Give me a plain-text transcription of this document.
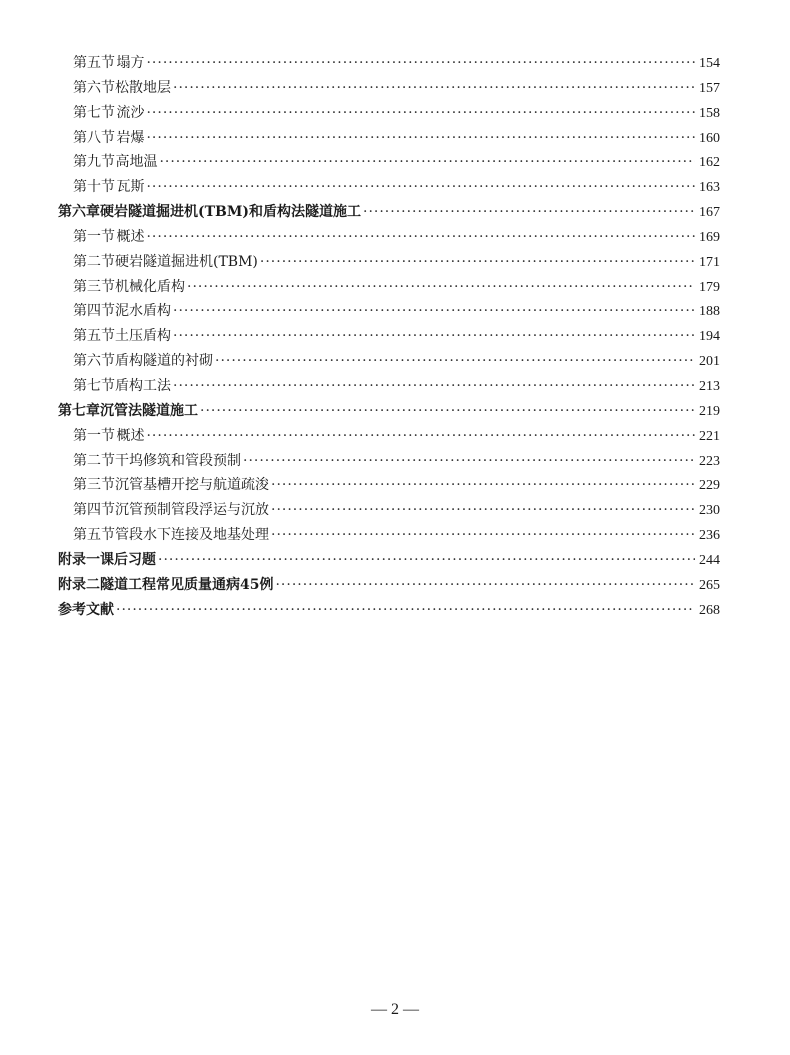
第五节 塌方 ·····	154
第六节 松散地层 ·····	157
第七节 流沙 ·····	158
第八节 岩爆 ·····	160
第九节 高地温 ·····	162
第十节 瓦斯 ·····	163
第六章 硬岩隧道掘进机(TBM)和盾构法隧道施工 ·····	167
第一节 概述 ·····	169
第二节 硬岩隧道掘进机(TBM) ·····	171
第三节 机械化盾构 ·····	179
第四节 泥水盾构 ·····	188
第五节 土压盾构 ·····	194
第六节 盾构隧道的衬砌 ·····	201
第七节 盾构工法 ·····	213
第七章 沉管法隧道施工 ·····	219
第一节 概述 ·····	221
第二节 干坞修筑和管段预制 ·····	223
第三节 沉管基槽开挖与航道疏浚 ·····	229
第四节 沉管预制管段浮运与沉放 ·····	230
第五节 管段水下连接及地基处理 ·····	236
附录一 课后习题 ·····	244
附录二 隧道工程常见质量通病45例 ·····	265
参考文献 ·····	268
— 2 —
